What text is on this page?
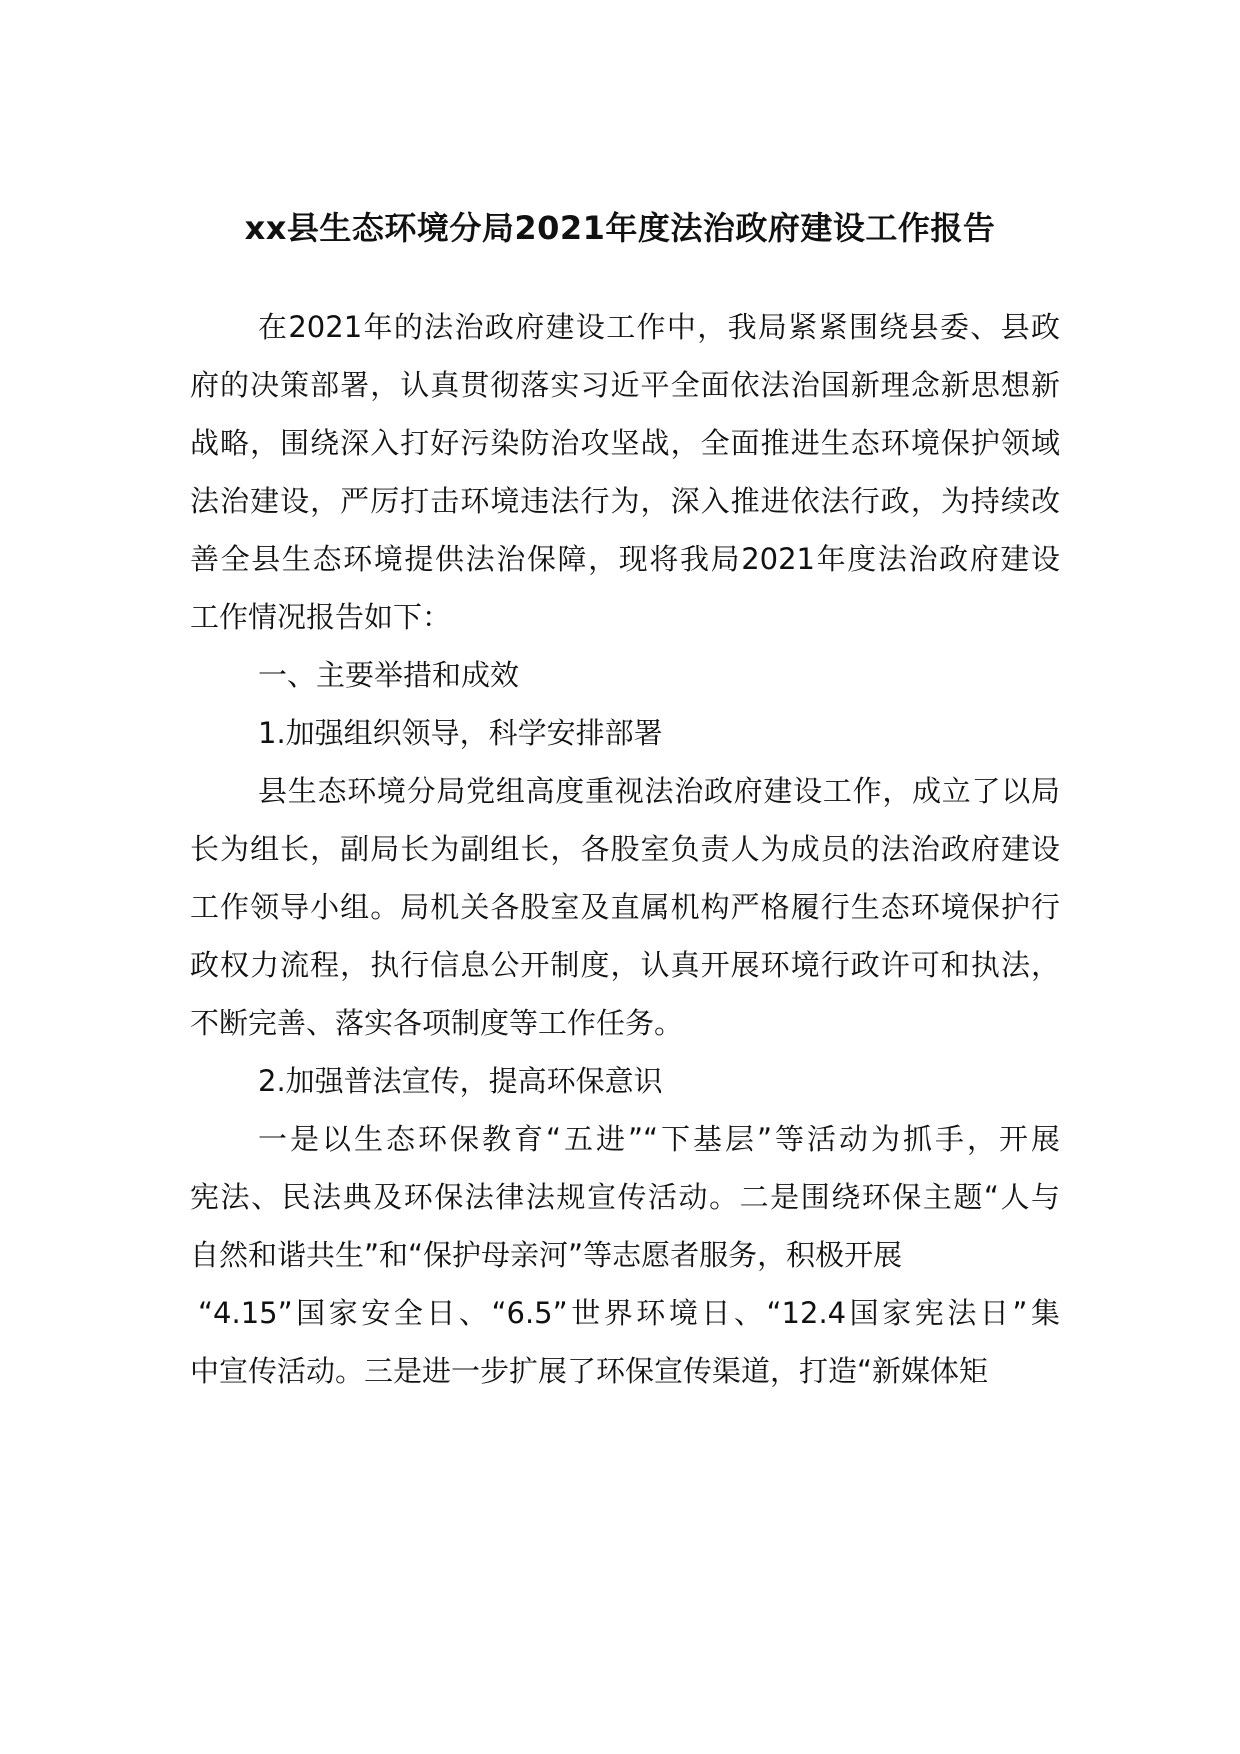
xx县生态环境分局2021年度法治政府建设工作报告
在2021年的法治政府建设工作中，我局紧紧围绕县委、县政
府的决策部署，认真贯彻落实习近平全面依法治国新理念新思想新
战略，围绕深入打好污染防治攻坚战，全面推进生态环境保护领域
法治建设，严厉打击环境违法行为，深入推进依法行政，为持续改
善全县生态环境提供法治保障，现将我局2021年度法治政府建设
工作情况报告如下：
一、主要举措和成效
1.加强组织领导，科学安排部署
县生态环境分局党组高度重视法治政府建设工作，成立了以局
长为组长，副局长为副组长，各股室负责人为成员的法治政府建设
工作领导小组。局机关各股室及直属机构严格履行生态环境保护行
政权力流程，执行信息公开制度，认真开展环境行政许可和执法，
不断完善、落实各项制度等工作任务。
2.加强普法宣传，提高环保意识
一是以生态环保教育“五进”“下基层”等活动为抓手，开展
宪法、民法典及环保法律法规宣传活动。二是围绕环保主题“人与
自然和谐共生”和“保护母亲河”等志愿者服务，积极开展
“4.15”国家安全日、“6.5”世界环境日、“12.4国家宪法日”集
中宣传活动。三是进一步扩展了环保宣传渠道，打造“新媒体矩
